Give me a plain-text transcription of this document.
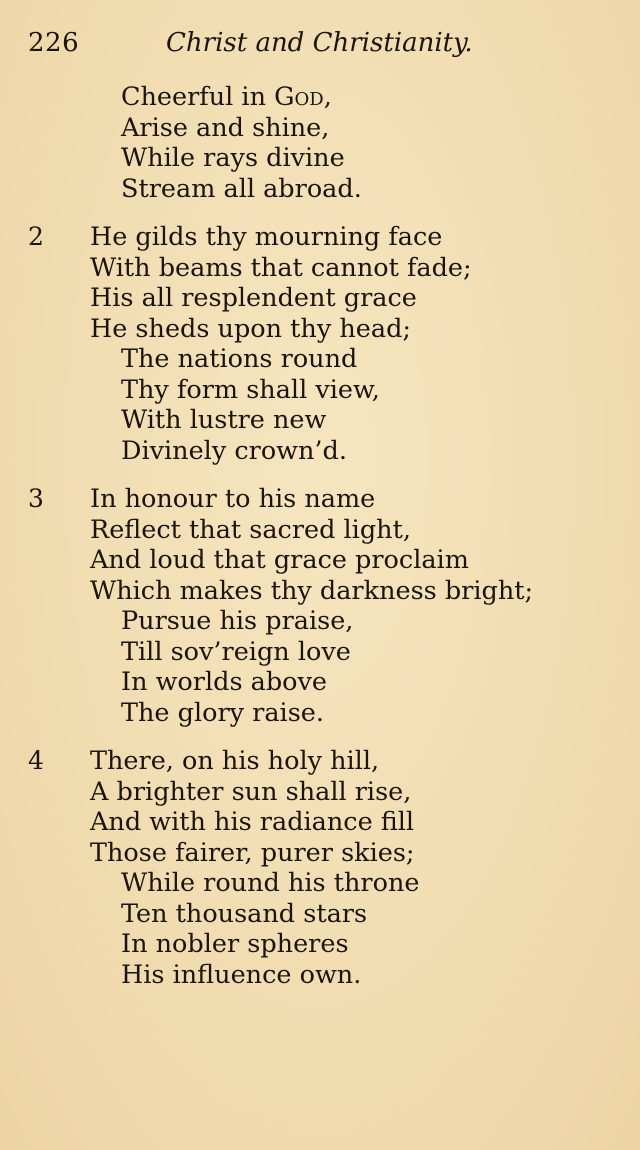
226	Christ and Christianity.
Cheerful in God,
Arise and shine,
While rays divine
Stream all abroad.
2 He gilds thy mourning face
With beams that cannot fade;
His all resplendent grace
He sheds upon thy head;
The nations round
Thy form shall view,
With lustre new
Divinely crown’d.
3 In honour to his name
Reflect that sacred light,
And loud that grace proclaim
Which makes thy darkness bright;
Pursue his praise,
Till sov’reign love
In worlds above
The glory raise.
4 There, on his holy hill,
A brighter sun shall rise,
And with his radiance fill
Those fairer, purer skies;
While round his throne
Ten thousand stars
In nobler spheres
His influence own.
